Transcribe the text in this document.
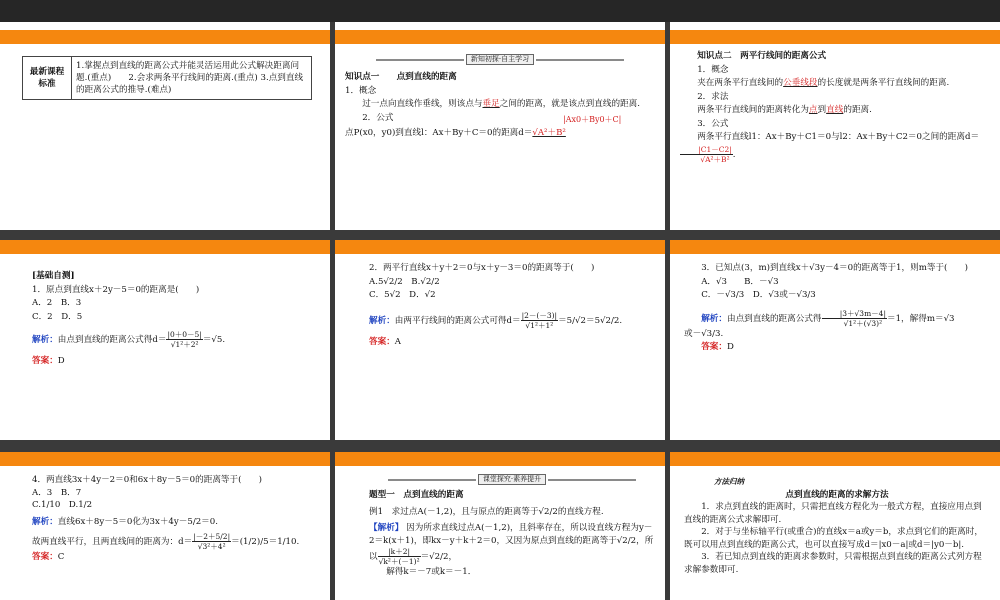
最新课程标准	1.掌握点到直线的距离公式并能灵活运用此公式解决距离问题.(重点)　　2.会求两条平行线间的距离.(重点) 3.点到直线的距离公式的推导.(难点)
新知初探·自主学习

知识点一　　点到直线的距离

1．概念

过一点向直线作垂线，则该点与垂足之间的距离，就是该点到直线的距离.

2．公式	|Ax0＋By0＋C|

点P(x0，y0)到直线l：Ax＋By＋C＝0的距离d＝√A²＋B²

知识点二　两平行线间的距离公式

1．概念

夹在两条平行直线间的公垂线段的长度就是两条平行直线间的距离.

2．求法

两条平行直线间的距离转化为点到直线的距离.

3．公式

两条平行直线l1：Ax＋By＋C1＝0与l2：Ax＋By＋C2＝0之间的距离d＝
$\frac{|C1-C2|}{\text{√A²＋B²}}$ .

[基础自测]

1．原点到直线x＋2y－5＝0的距离是(　　)

A．2　B．3

C．2　D．5

解析：由点到直线的距离公式得$d= \frac{|0+0-5|}{\text{√1²＋2²}} =√5$.

答案：D

2．两平行直线x＋y＋2＝0与x＋y－3＝0的距离等于(　　)

A.5√2/2　B.√2/2

C．5√2　D．√2

解析：由两平行线间的距离公式可得$d= \frac{|2-(-3)|}{\text{√1²＋1²}} =5/√2=5√2/2$.

答案：A

3．已知点(3，m)到直线x＋√3y－4＝0的距离等于1，则m等于(　　)

A．√3　　B．－√3

C．－√3/3　D．√3或－√3/3

解析：由点到直线的距离公式得 $\frac{|3+√3m-4|}{\text{√1²＋(√3)²}} =1$，解得m＝√3

或－√3/3.

答案：D

4．两直线3x＋4y－2＝0和6x＋8y－5＝0的距离等于(　　)

A．3　B．7

C.1/10　D.1/2

解析：直线6x＋8y－5＝0化为3x＋4y－5/2＝0.

故两直线平行，且两直线间的距离为：$d= \frac{|-2+5/2|}{\text{√3²＋4²}} =(1/2)/5=1/10$.

答案：C

课堂探究·素养提升

题型一　点到直线的距离

例1　求过点A(－1,2)，且与原点的距离等于√2/2的直线方程.

【解析】 因为所求直线过点A(－1,2)，且斜率存在，所以设直线方程为y－2＝k(x＋1)，即kx－y＋k＋2＝0，又因为原点到直线的距离等于√2/2，所以 $\frac{|k+2|}{\text{√k²＋(－1)²}} =√2/2$，

解得k＝－7或k＝－1．

方法归纳

点到直线的距离的求解方法

1．求点到直线的距离时，只需把直线方程化为一般式方程，直接应用点到直线的距离公式求解即可.

2．对于与坐标轴平行(或重合)的直线x＝a或y＝b，求点到它们的距离时，既可以用点到直线的距离公式，也可以直接写成d＝|x0－a|或d＝|y0－b|.

3．若已知点到直线的距离求参数时，只需根据点到直线的距离公式列方程求解参数即可.
